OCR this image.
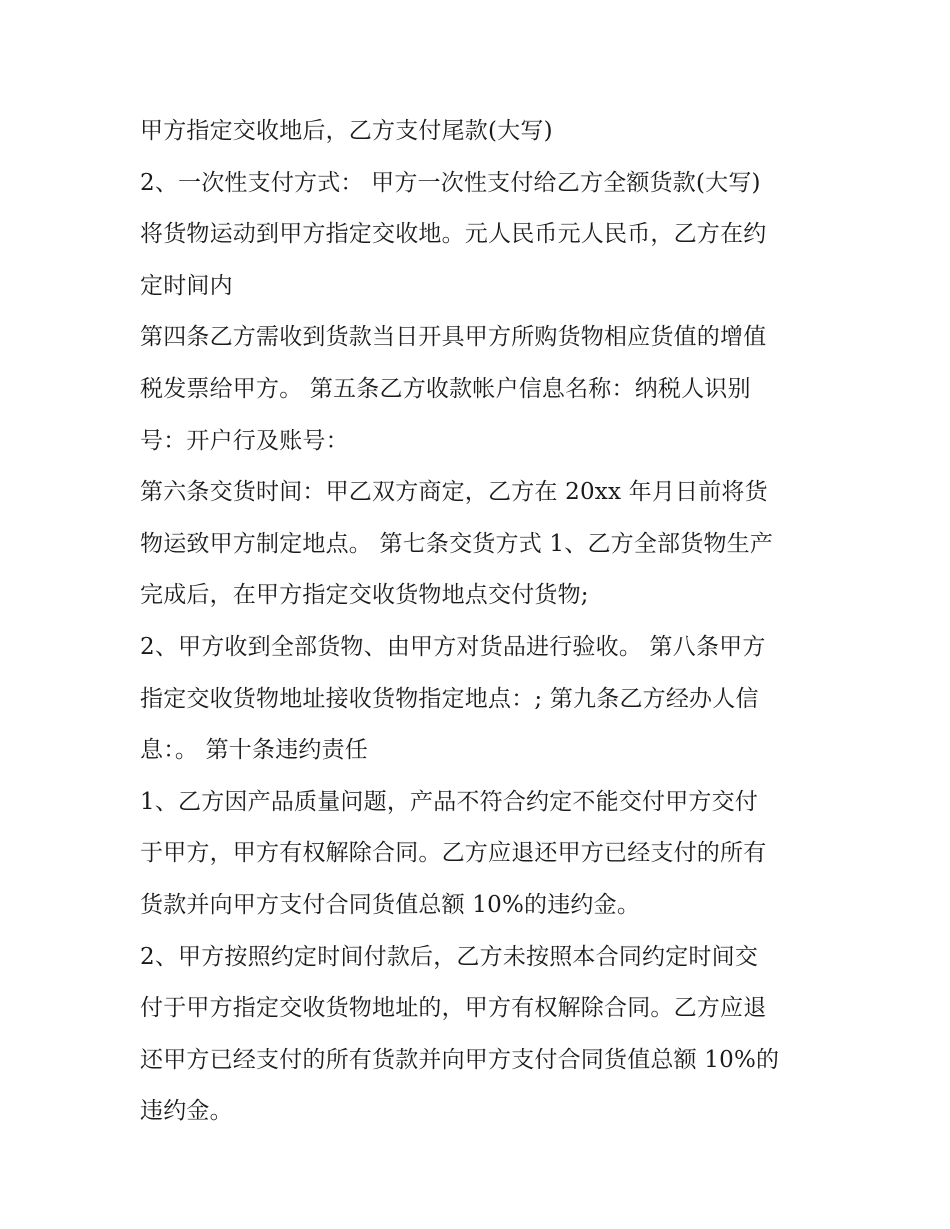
甲方指定交收地后，乙方支付尾款(大写)

2、一次性支付方式： 甲方一次性支付给乙方全额货款(大写)

将货物运动到甲方指定交收地。元人民币元人民币，乙方在约

定时间内

第四条乙方需收到货款当日开具甲方所购货物相应货值的增值

税发票给甲方。 第五条乙方收款帐户信息名称：纳税人识别

号：开户行及账号：

第六条交货时间：甲乙双方商定，乙方在 20xx 年月日前将货

物运致甲方制定地点。 第七条交货方式 1、乙方全部货物生产

完成后，在甲方指定交收货物地点交付货物;

2、甲方收到全部货物、由甲方对货品进行验收。 第八条甲方

指定交收货物地址接收货物指定地点：; 第九条乙方经办人信

息：。 第十条违约责任

1、乙方因产品质量问题，产品不符合约定不能交付甲方交付

于甲方，甲方有权解除合同。乙方应退还甲方已经支付的所有

货款并向甲方支付合同货值总额 10%的违约金。

2、甲方按照约定时间付款后，乙方未按照本合同约定时间交

付于甲方指定交收货物地址的，甲方有权解除合同。乙方应退

还甲方已经支付的所有货款并向甲方支付合同货值总额 10%的

违约金。
